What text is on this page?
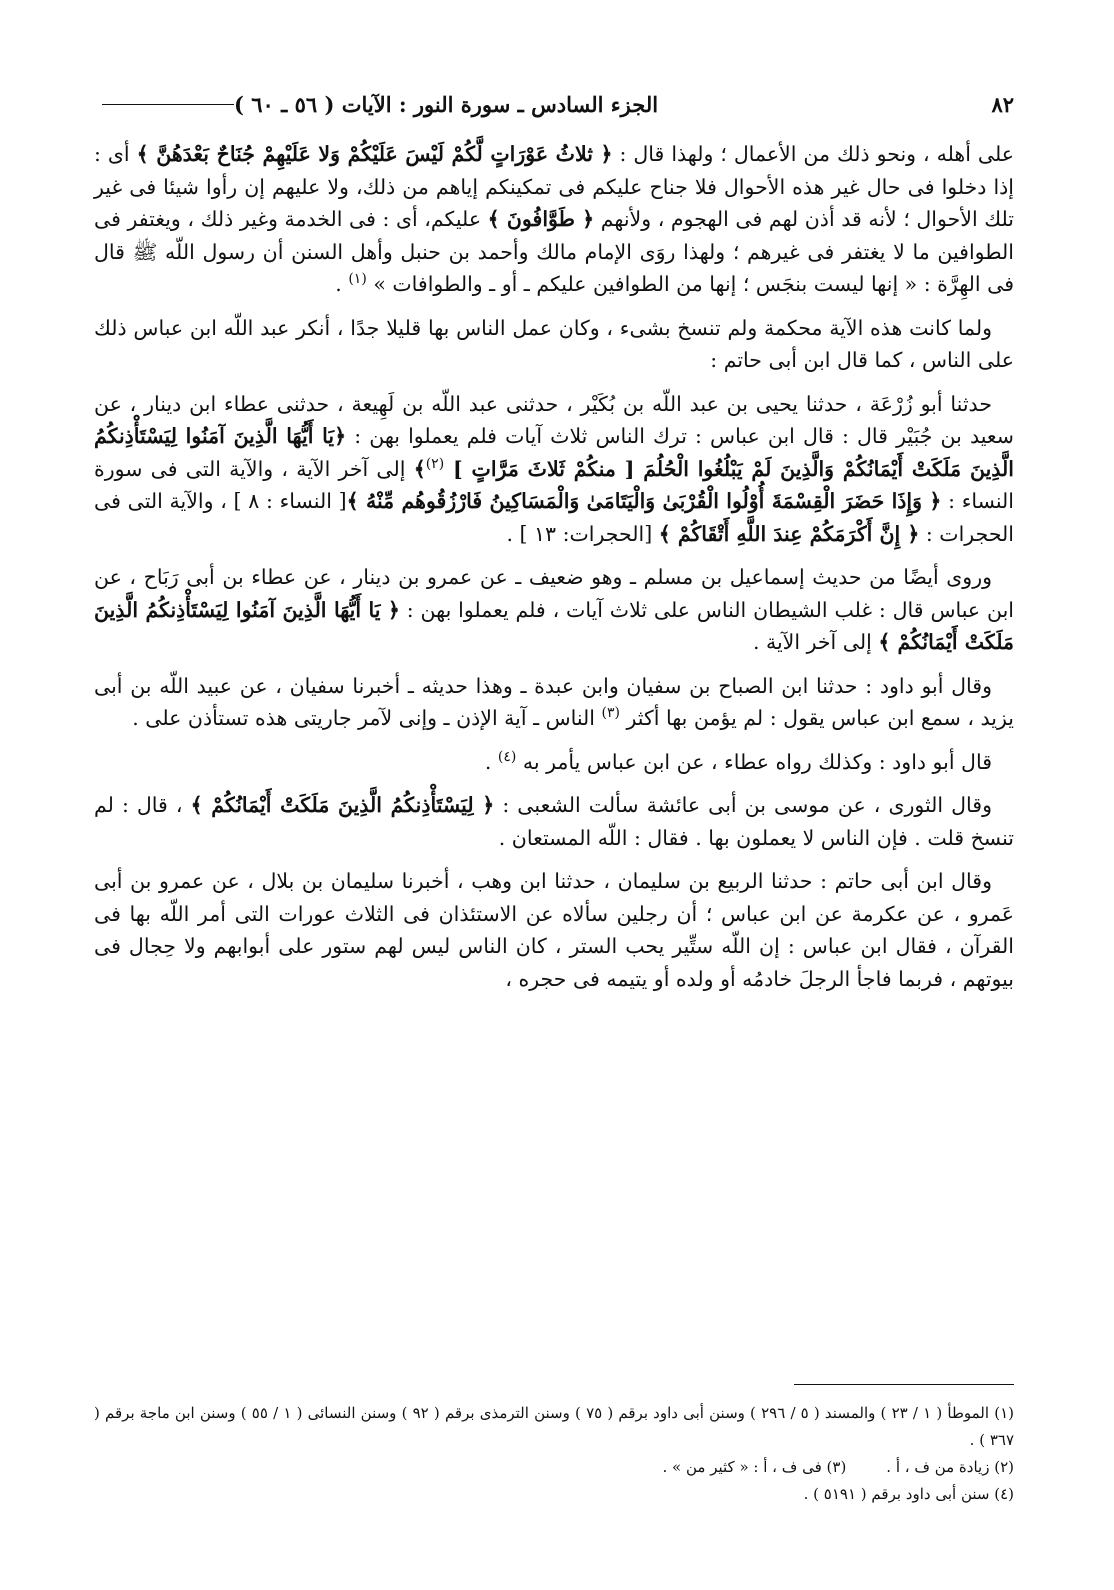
٨٢
الجزء السادس ـ سورة النور : الآيات ( ٥٦ ـ ٦٠ )

على أهله ، ونحو ذلك من الأعمال ؛ ولهذا قال : ﴿ ثلاثُ عَوْرَاتٍ لَّكُمْ لَيْسَ عَلَيْكُمْ وَلا عَلَيْهِمْ جُنَاحٌ بَعْدَهُنَّ ﴾ أى : إذا دخلوا فى حال غير هذه الأحوال فلا جناح عليكم فى تمكينكم إياهم من ذلك، ولا عليهم إن رأوا شيئا فى غير تلك الأحوال ؛ لأنه قد أذن لهم فى الهجوم ، ولأنهم ﴿ طَوَّافُونَ ﴾ عليكم، أى : فى الخدمة وغير ذلك ، ويغتفر فى الطوافين ما لا يغتفر فى غيرهم ؛ ولهذا روَى الإمام مالك وأحمد بن حنبل وأهل السنن أن رسول اللّه ﷺ قال فى الهِرَّة : « إنها ليست بنجَس ؛ إنها من الطوافين عليكم ـ أو ـ والطوافات » $^{(١)}$ .

ولما كانت هذه الآية محكمة ولم تنسخ بشىء ، وكان عمل الناس بها قليلا جدًا ، أنكر عبد اللّه ابن عباس ذلك على الناس ، كما قال ابن أبى حاتم :

حدثنا أبو زُرْعَة ، حدثنا يحيى بن عبد اللّه بن بُكَيْر ، حدثنى عبد اللّه بن لَهِيعة ، حدثنى عطاء ابن دينار ، عن سعيد بن جُبَيْر قال : قال ابن عباس : ترك الناس ثلاث آيات فلم يعملوا بهن : ﴿يَا أَيُّهَا الَّذِينَ آمَنُوا لِيَسْتَأْذِنكُمُ الَّذِينَ مَلَكَتْ أَيْمَانُكُمْ وَالَّذِينَ لَمْ يَبْلُغُوا الْحُلُمَ [ منكُمْ ثَلاثَ مَرَّاتٍ ] $^{(٢)}$﴾ إلى آخر الآية ، والآية التى فى سورة النساء : ﴿ وَإِذَا حَضَرَ الْقِسْمَةَ أُوْلُوا الْقُرْبَىٰ وَالْيَتَامَىٰ وَالْمَسَاكِينُ فَارْزُقُوهُم مِّنْهُ ﴾[ النساء : ٨ ] ، والآية التى فى الحجرات : ﴿ إِنَّ أَكْرَمَكُمْ عِندَ اللَّهِ أَتْقَاكُمْ ﴾ [الحجرات: ١٣ ] .

وروى أيضًا من حديث إسماعيل بن مسلم ـ وهو ضعيف ـ عن عمرو بن دينار ، عن عطاء بن أبى رَبَاح ، عن ابن عباس قال : غلب الشيطان الناس على ثلاث آيات ، فلم يعملوا بهن : ﴿ يَا أَيُّهَا الَّذِينَ آمَنُوا لِيَسْتَأْذِنكُمُ الَّذِينَ مَلَكَتْ أَيْمَانُكُمْ ﴾ إلى آخر الآية .

وقال أبو داود : حدثنا ابن الصباح بن سفيان وابن عبدة ـ وهذا حديثه ـ أخبرنا سفيان ، عن عبيد اللّه بن أبى يزيد ، سمع ابن عباس يقول : لم يؤمن بها أكثر $^{(٣)}$ الناس ـ آية الإذن ـ وإنى لآمر جاريتى هذه تستأذن على .

قال أبو داود : وكذلك رواه عطاء ، عن ابن عباس يأمر به $^{(٤)}$ .

وقال الثورى ، عن موسى بن أبى عائشة سألت الشعبى : ﴿ لِيَسْتَأْذِنكُمُ الَّذِينَ مَلَكَتْ أَيْمَانُكُمْ ﴾ ، قال : لم تنسخ قلت . فإن الناس لا يعملون بها . فقال : اللّه المستعان .

وقال ابن أبى حاتم : حدثنا الربيع بن سليمان ، حدثنا ابن وهب ، أخبرنا سليمان بن بلال ، عن عمرو بن أبى عَمرو ، عن عكرمة عن ابن عباس ؛ أن رجلين سألاه عن الاستئذان فى الثلاث عورات التى أمر اللّه بها فى القرآن ، فقال ابن عباس : إن اللّه ستِّير يحب الستر ، كان الناس ليس لهم ستور على أبوابهم ولا حِجال فى بيوتهم ، فربما فاجأ الرجلَ خادمُه أو ولده أو يتيمه فى حجره ،

(١) الموطأ ( ١ / ٢٣ ) والمسند ( ٥ / ٢٩٦ ) وسنن أبى داود برقم ( ٧٥ ) وسنن الترمذى برقم ( ٩٢ ) وسنن النسائى ( ١ / ٥٥ ) وسنن ابن ماجة برقم ( ٣٦٧ ) .

(٢) زيادة من ف ، أ .

(٣) فى ف ، أ : « كثير من » .

(٤) سنن أبى داود برقم ( ٥١٩١ ) .
